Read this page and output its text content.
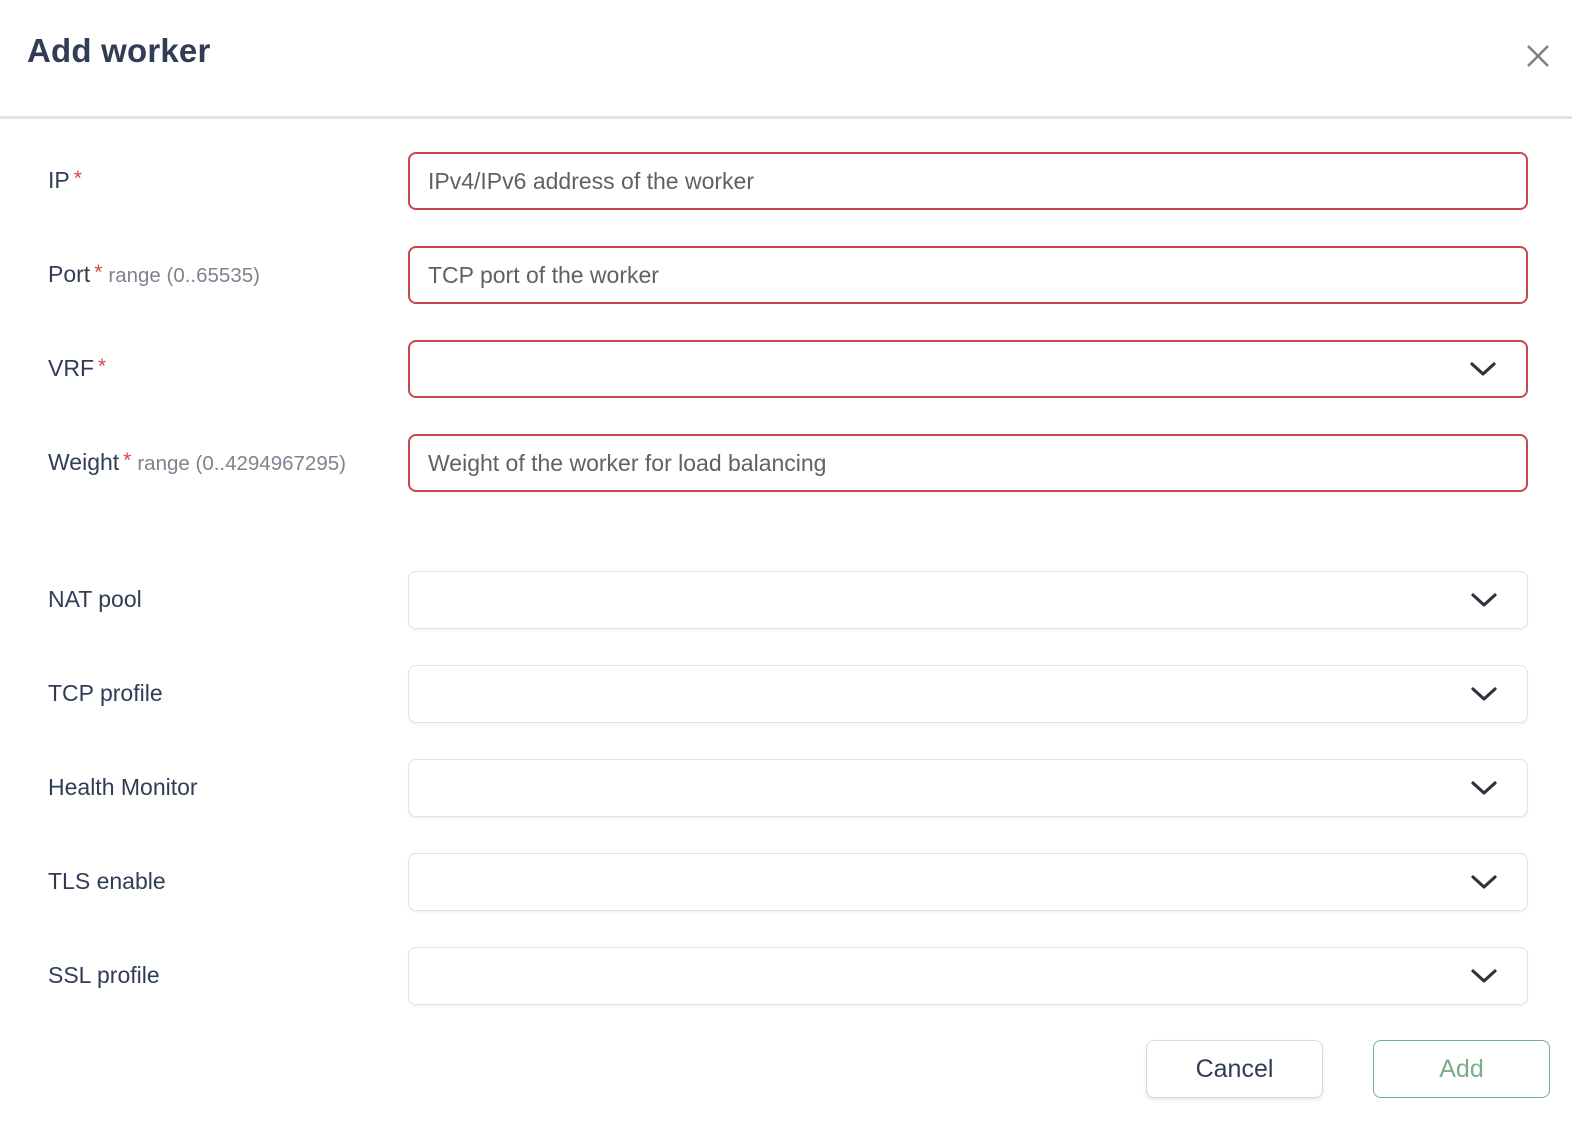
Add worker
IP *
IPv4/IPv6 address of the worker
Port * range (0..65535)
TCP port of the worker
VRF *
Weight * range (0..4294967295)
Weight of the worker for load balancing
NAT pool
TCP profile
Health Monitor
TLS enable
SSL profile
Cancel	Add
